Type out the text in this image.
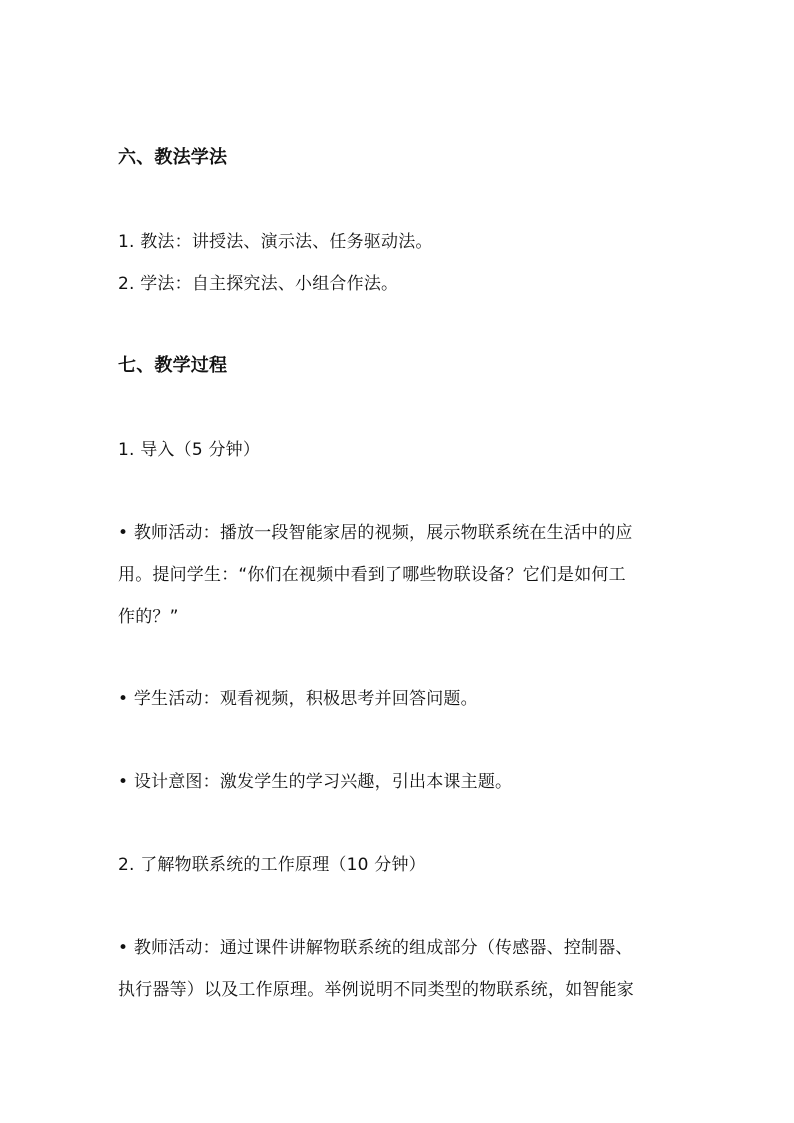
六、教法学法
1. 教法：讲授法、演示法、任务驱动法。
2. 学法：自主探究法、小组合作法。
七、教学过程
1. 导入（5 分钟）
• 教师活动：播放一段智能家居的视频，展示物联系统在生活中的应
用。提问学生：“你们在视频中看到了哪些物联设备？它们是如何工
作的？”
• 学生活动：观看视频，积极思考并回答问题。
• 设计意图：激发学生的学习兴趣，引出本课主题。
2. 了解物联系统的工作原理（10 分钟）
• 教师活动：通过课件讲解物联系统的组成部分（传感器、控制器、
执行器等）以及工作原理。举例说明不同类型的物联系统，如智能家
